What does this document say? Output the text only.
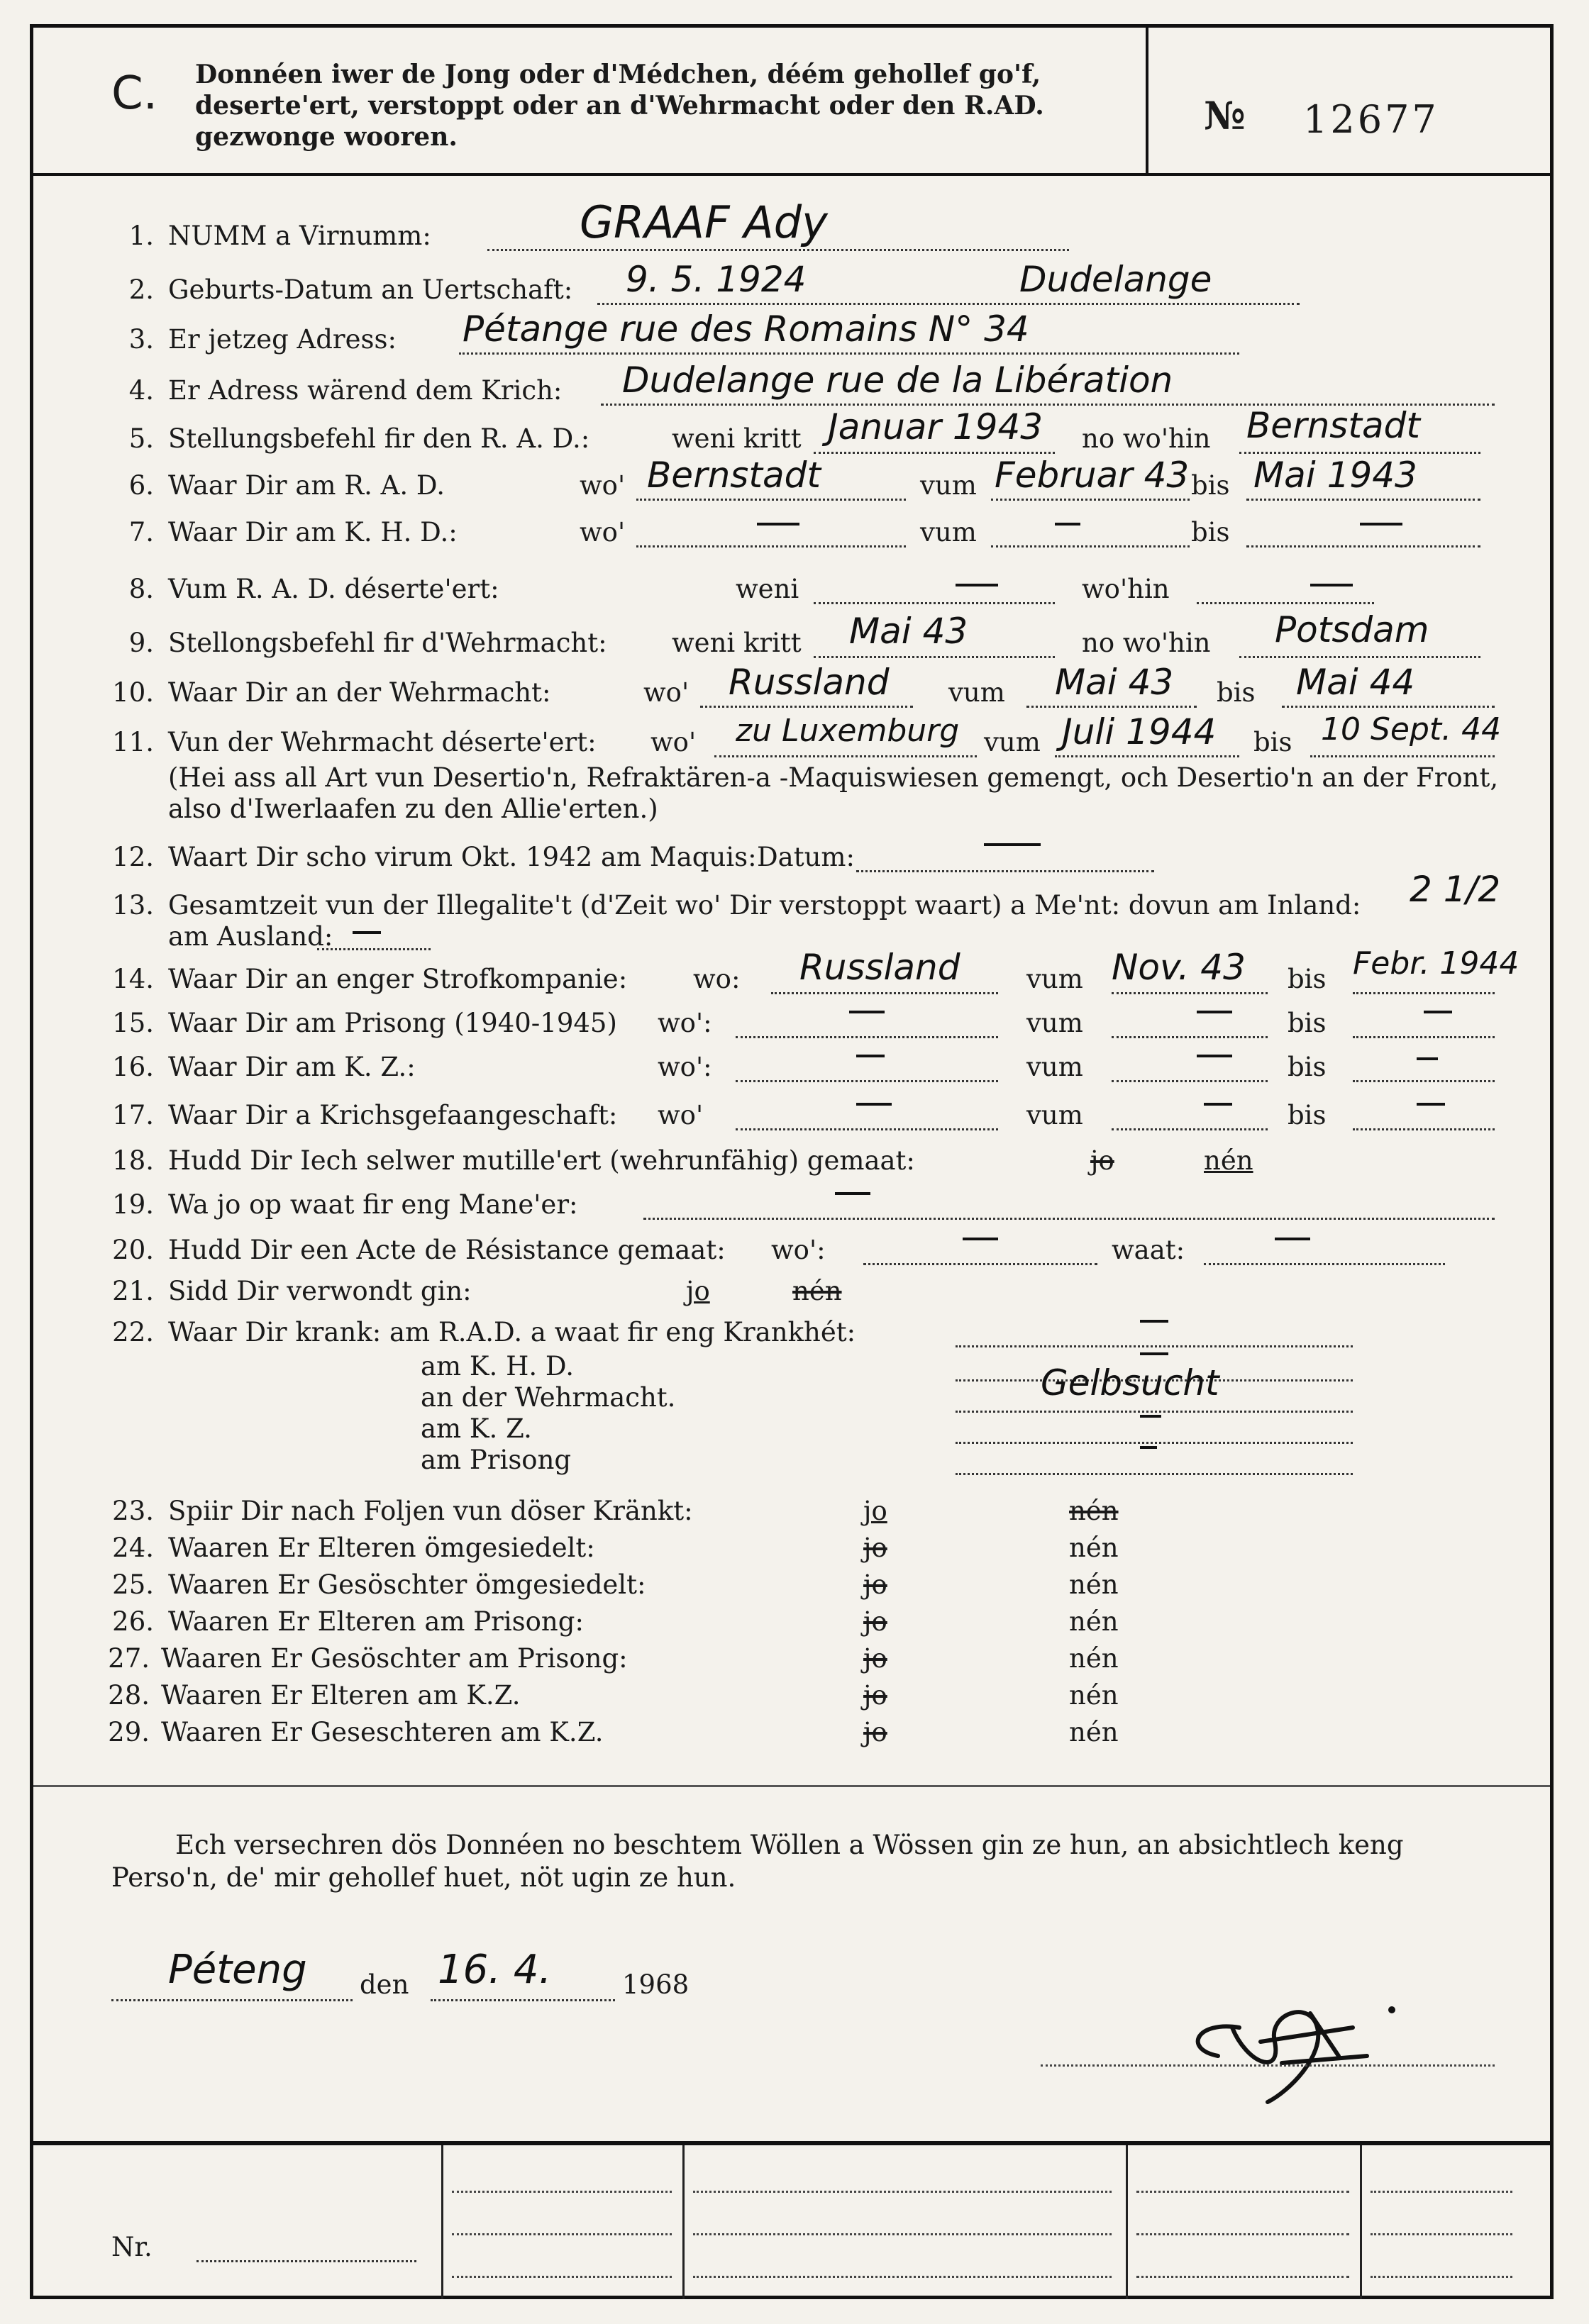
C. Donnéen iwer de Jong oder d'Médchen, déém gehollef go'f, deserte'ert, verstoppt oder an d'Wehrmacht oder den R.AD. gezwonge wooren.	№ 12677
1. NUMM a Virnumm:	GRAAF Ady
2. Geburts-Datum an Uertschaft: 9. 5. 1924	Dudelange
3. Er jetzeg Adress: Pétange rue des Romains N° 34
4. Er Adress wärend dem Krich: Dudelange rue de la Libération
5. Stellungsbefehl fir den R. A. D.:	weni kritt Januar 1943 no wo'hin Bernstadt
6. Waar Dir am R. A. D.	wo' Bernstadt	vum Februar 43 bis Mai 1943
7. Waar Dir am K. H. D.:	wo'	vum	bis
8. Vum R. A. D. déserte'ert:	weni	wo'hin
9. Stellongsbefehl fir d'Wehrmacht: weni kritt Mai 43	no wo'hin Potsdam
10. Waar Dir an der Wehrmacht:	wo' Russland vum Mai 43 bis Mai 44
11. Vun der Wehrmacht déserte'ert: wo' zu Luxemburg vum Juli 1944 bis 10 Sept. 44
(Hei ass all Art vun Desertio'n, Refraktären-a -Maquiswiesen gemengt, och Desertio'n an der Front, also d'Iwerlaafen zu den Allie'erten.)
12. Waart Dir scho virum Okt. 1942 am Maquis: Datum:
13. Gesamtzeit vun der Illegalite't (d'Zeit wo' Dir verstoppt waart) a Me'nt: dovun am Inland: 2 1/2
am Ausland:
14. Waar Dir an enger Strofkompanie:	wo: Russland	vum Nov. 43 bis Febr. 1944
15. Waar Dir am Prisong (1940-1945) wo':	vum	bis
16. Waar Dir am K. Z.:	wo':	vum	bis
17. Waar Dir a Krichsgefaangeschaft: wo'	vum	bis
18. Hudd Dir Iech selwer mutille'ert (wehrunfähig) gemaat:	jo	nén
19. Wa jo op waat fir eng Mane'er:
20. Hudd Dir een Acte de Résistance gemaat: wo':	waat:
21. Sidd Dir verwondt gin:	jo	nén
22. Waar Dir krank: am R.A.D. a waat fir eng Krankhét:
am K. H. D.
an der Wehrmacht.	Gelbsucht
am K. Z.
am Prisong
23. Spiir Dir nach Foljen vun döser Kränkt:	jo	nén
24. Waaren Er Elteren ömgesiedelt:	jo	nén
25. Waaren Er Gesöschter ömgesiedelt:	jo	nén
26. Waaren Er Elteren am Prisong:	jo	nén
27. Waaren Er Gesöschter am Prisong:	jo	nén
28. Waaren Er Elteren am K.Z.	jo	nén
29. Waaren Er Geseschteren am K.Z.	jo	nén
Ech versechren dös Donnéen no beschtem Wöllen a Wössen gin ze hun, an absichtlech keng Perso'n, de' mir gehollef huet, nöt ugin ze hun.
Péteng den 16. 4.	1968
Nr.
